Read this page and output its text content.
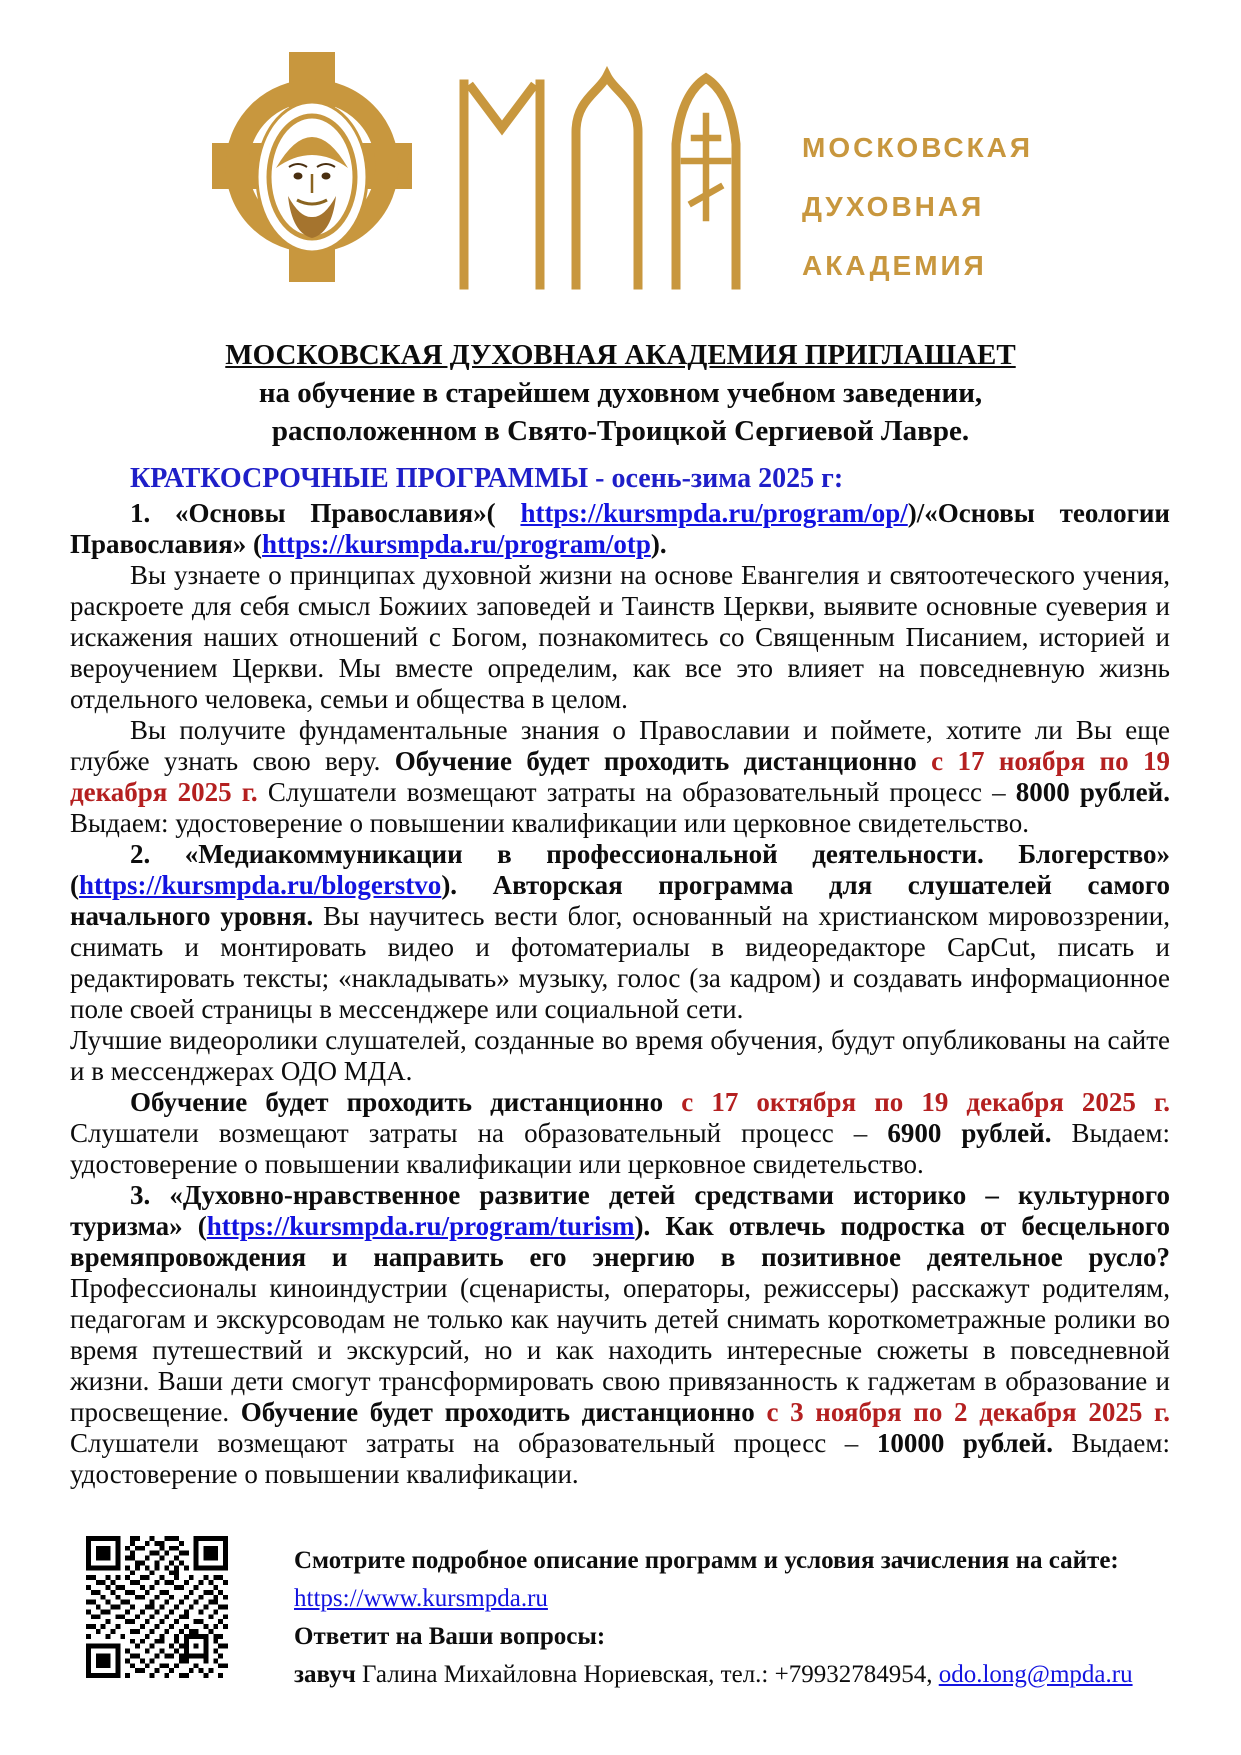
МОСКОВСКАЯ
ДУХОВНАЯ
АКАДЕМИЯ
МОСКОВСКАЯ ДУХОВНАЯ АКАДЕМИЯ ПРИГЛАШАЕТ
на обучение в старейшем духовном учебном заведении,
расположенном в Свято-Троицкой Сергиевой Лавре.
КРАТКОСРОЧНЫЕ ПРОГРАММЫ - осень-зима 2025 г:

1. «Основы Православия»( https://kursmpda.ru/program/op/)/«Основы теологии Православия» (https://kursmpda.ru/program/otp).

Вы узнаете о принципах духовной жизни на основе Евангелия и святоотеческого учения, раскроете для себя смысл Божиих заповедей и Таинств Церкви, выявите основные суеверия и искажения наших отношений с Богом, познакомитесь со Священным Писанием, историей и вероучением Церкви. Мы вместе определим, как все это влияет на повседневную жизнь отдельного человека, семьи и общества в целом.

Вы получите фундаментальные знания о Православии и поймете, хотите ли Вы еще глубже узнать свою веру. Обучение будет проходить дистанционно с 17 ноября по 19 декабря 2025 г. Слушатели возмещают затраты на образовательный процесс – 8000 рублей. Выдаем: удостоверение о повышении квалификации или церковное свидетельство.

2. «Медиакоммуникации в профессиональной деятельности. Блогерство» (https://kursmpda.ru/blogerstvo). Авторская программа для слушателей самого начального уровня. Вы научитесь вести блог, основанный на христианском мировоззрении, снимать и монтировать видео и фотоматериалы в видеоредакторе CapCut, писать и редактировать тексты; «накладывать» музыку, голос (за кадром) и создавать информационное поле своей страницы в мессенджере или социальной сети.

Лучшие видеоролики слушателей, созданные во время обучения, будут опубликованы на сайте и в мессенджерах ОДО МДА.

Обучение будет проходить дистанционно с 17 октября по 19 декабря 2025 г. Слушатели возмещают затраты на образовательный процесс – 6900 рублей. Выдаем: удостоверение о повышении квалификации или церковное свидетельство.

3. «Духовно-нравственное развитие детей средствами историко – культурного туризма» (https://kursmpda.ru/program/turism). Как отвлечь подростка от бесцельного времяпровождения и направить его энергию в позитивное деятельное русло? Профессионалы киноиндустрии (сценаристы, операторы, режиссеры) расскажут родителям, педагогам и экскурсоводам не только как научить детей снимать короткометражные ролики во время путешествий и экскурсий, но и как находить интересные сюжеты в повседневной жизни. Ваши дети смогут трансформировать свою привязанность к гаджетам в образование и просвещение. Обучение будет проходить дистанционно с 3 ноября по 2 декабря 2025 г. Слушатели возмещают затраты на образовательный процесс – 10000 рублей. Выдаем: удостоверение о повышении квалификации.

Смотрите подробное описание программ и условия зачисления на сайте:
https://www.kursmpda.ru
Ответит на Ваши вопросы:
завуч Галина Михайловна Нориевская, тел.: +79932784954, odo.long@mpda.ru
